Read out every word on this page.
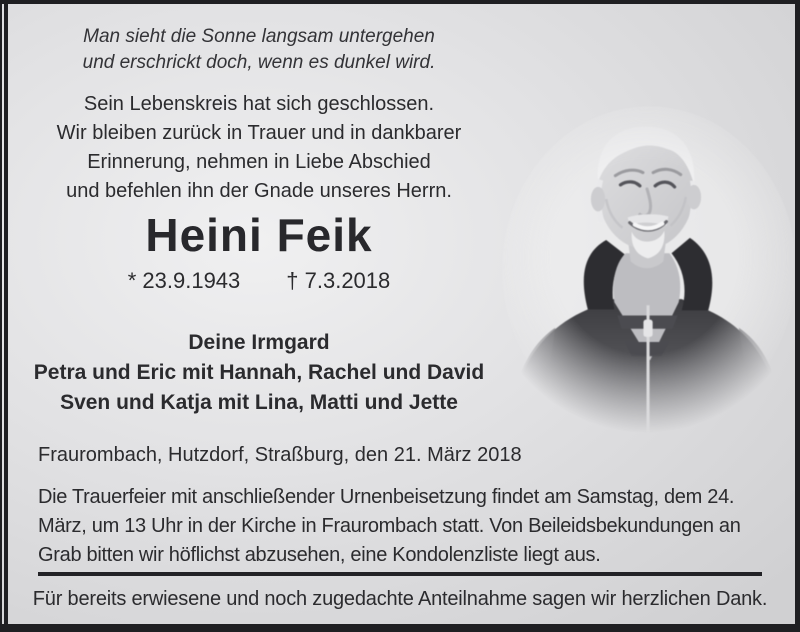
Man sieht die Sonne langsam untergehen
und erschrickt doch, wenn es dunkel wird.
Sein Lebenskreis hat sich geschlossen.
Wir bleiben zurück in Trauer und in dankbarer
Erinnerung, nehmen in Liebe Abschied
und befehlen ihn der Gnade unseres Herrn.
Heini Feik
* 23.9.1943 † 7.3.2018
Deine Irmgard
Petra und Eric mit Hannah, Rachel und David
Sven und Katja mit Lina, Matti und Jette
Fraurombach, Hutzdorf, Straßburg, den 21. März 2018
Die Trauerfeier mit anschließender Urnenbeisetzung findet am Samstag, dem 24. März, um 13 Uhr in der Kirche in Fraurombach statt. Von Beileidsbekundungen an Grab bitten wir höflichst abzusehen, eine Kondolenzliste liegt aus.
Für bereits erwiesene und noch zugedachte Anteilnahme sagen wir herzlichen Dank.
